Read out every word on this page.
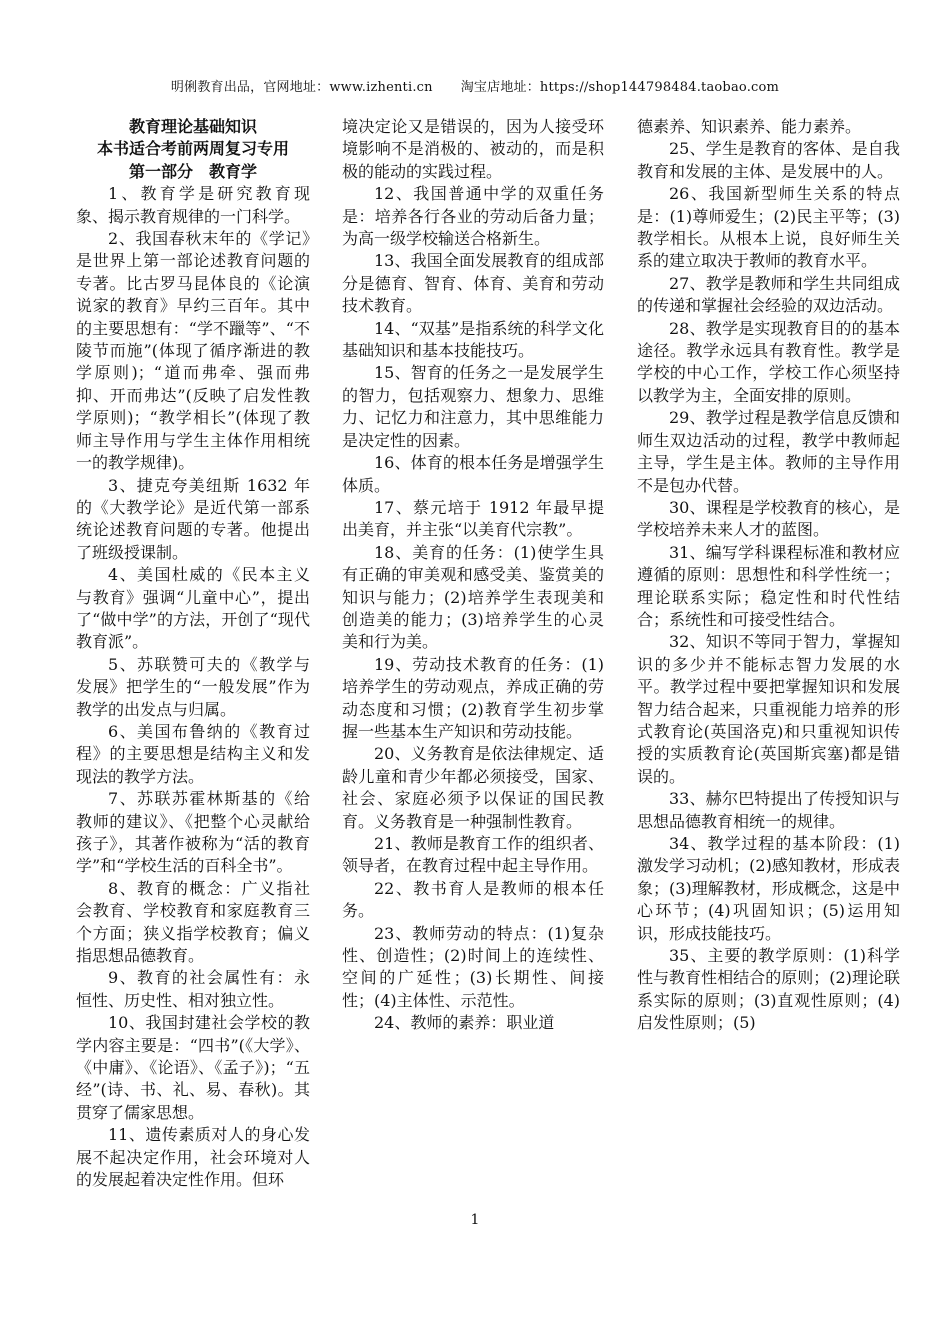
明俐教育出品，官网地址：www.izhenti.cn 淘宝店地址：https://shop144798484.taobao.com
教育理论基础知识
本书适合考前两周复习专用
第一部分　教育学

1、教育学是研究教育现象、揭示教育规律的一门科学。

2、我国春秋末年的《学记》是世界上第一部论述教育问题的专著。比古罗马昆体良的《论演说家的教育》早约三百年。其中的主要思想有：“学不躐等”、“不陵节而施”(体现了循序渐进的教学原则)；“道而弗牵、强而弗抑、开而弗达”(反映了启发性教学原则)；“教学相长”(体现了教师主导作用与学生主体作用相统一的教学规律)。

3、捷克夸美纽斯 1632 年的《大教学论》是近代第一部系统论述教育问题的专著。他提出了班级授课制。

4、美国杜威的《民本主义与教育》强调“儿童中心”，提出了“做中学”的方法，开创了“现代教育派”。

5、苏联赞可夫的《教学与发展》把学生的“一般发展”作为教学的出发点与归属。

6、美国布鲁纳的《教育过程》的主要思想是结构主义和发现法的教学方法。

7、苏联苏霍林斯基的《给教师的建议》、《把整个心灵献给孩子》，其著作被称为“活的教育学”和“学校生活的百科全书”。

8、教育的概念：广义指社会教育、学校教育和家庭教育三个方面；狭义指学校教育；偏义指思想品德教育。

9、教育的社会属性有：永恒性、历史性、相对独立性。

10、我国封建社会学校的教学内容主要是：“四书”(《大学》、《中庸》、《论语》、《孟子》)；“五经”(诗、书、礼、易、春秋)。其贯穿了儒家思想。

11、遗传素质对人的身心发展不起决定作用，社会环境对人的发展起着决定性作用。但环

境决定论又是错误的，因为人接受环境影响不是消极的、被动的，而是积极的能动的实践过程。

12、我国普通中学的双重任务是：培养各行各业的劳动后备力量；为高一级学校输送合格新生。

13、我国全面发展教育的组成部分是德育、智育、体育、美育和劳动技术教育。

14、“双基”是指系统的科学文化基础知识和基本技能技巧。

15、智育的任务之一是发展学生的智力，包括观察力、想象力、思维力、记忆力和注意力，其中思维能力是决定性的因素。

16、体育的根本任务是增强学生体质。

17、蔡元培于 1912 年最早提出美育，并主张“以美育代宗教”。

18、美育的任务：(1)使学生具有正确的审美观和感受美、鉴赏美的知识与能力；(2)培养学生表现美和创造美的能力；(3)培养学生的心灵美和行为美。

19、劳动技术教育的任务：(1)培养学生的劳动观点，养成正确的劳动态度和习惯；(2)教育学生初步掌握一些基本生产知识和劳动技能。

20、义务教育是依法律规定、适龄儿童和青少年都必须接受，国家、社会、家庭必须予以保证的国民教育。义务教育是一种强制性教育。

21、教师是教育工作的组织者、领导者，在教育过程中起主导作用。

22、教书育人是教师的根本任务。

23、教师劳动的特点：(1)复杂性、创造性；(2)时间上的连续性、空间的广延性；(3)长期性、间接性；(4)主体性、示范性。

24、教师的素养：职业道

德素养、知识素养、能力素养。

25、学生是教育的客体、是自我教育和发展的主体、是发展中的人。

26、我国新型师生关系的特点是：(1)尊师爱生；(2)民主平等；(3)教学相长。从根本上说，良好师生关系的建立取决于教师的教育水平。

27、教学是教师和学生共同组成的传递和掌握社会经验的双边活动。

28、教学是实现教育目的的基本途径。教学永远具有教育性。教学是学校的中心工作，学校工作心须坚持以教学为主，全面安排的原则。

29、教学过程是教学信息反馈和师生双边活动的过程，教学中教师起主导，学生是主体。教师的主导作用不是包办代替。

30、课程是学校教育的核心，是学校培养未来人才的蓝图。

31、编写学科课程标准和教材应遵循的原则：思想性和科学性统一；理论联系实际；稳定性和时代性结合；系统性和可接受性结合。

32、知识不等同于智力，掌握知识的多少并不能标志智力发展的水平。教学过程中要把掌握知识和发展智力结合起来，只重视能力培养的形式教育论(英国洛克)和只重视知识传授的实质教育论(英国斯宾塞)都是错误的。

33、赫尔巴特提出了传授知识与思想品德教育相统一的规律。

34、教学过程的基本阶段：(1)激发学习动机；(2)感知教材，形成表象；(3)理解教材，形成概念，这是中心环节；(4)巩固知识；(5)运用知识，形成技能技巧。

35、主要的教学原则：(1)科学性与教育性相结合的原则；(2)理论联系实际的原则；(3)直观性原则；(4)启发性原则；(5)

1
